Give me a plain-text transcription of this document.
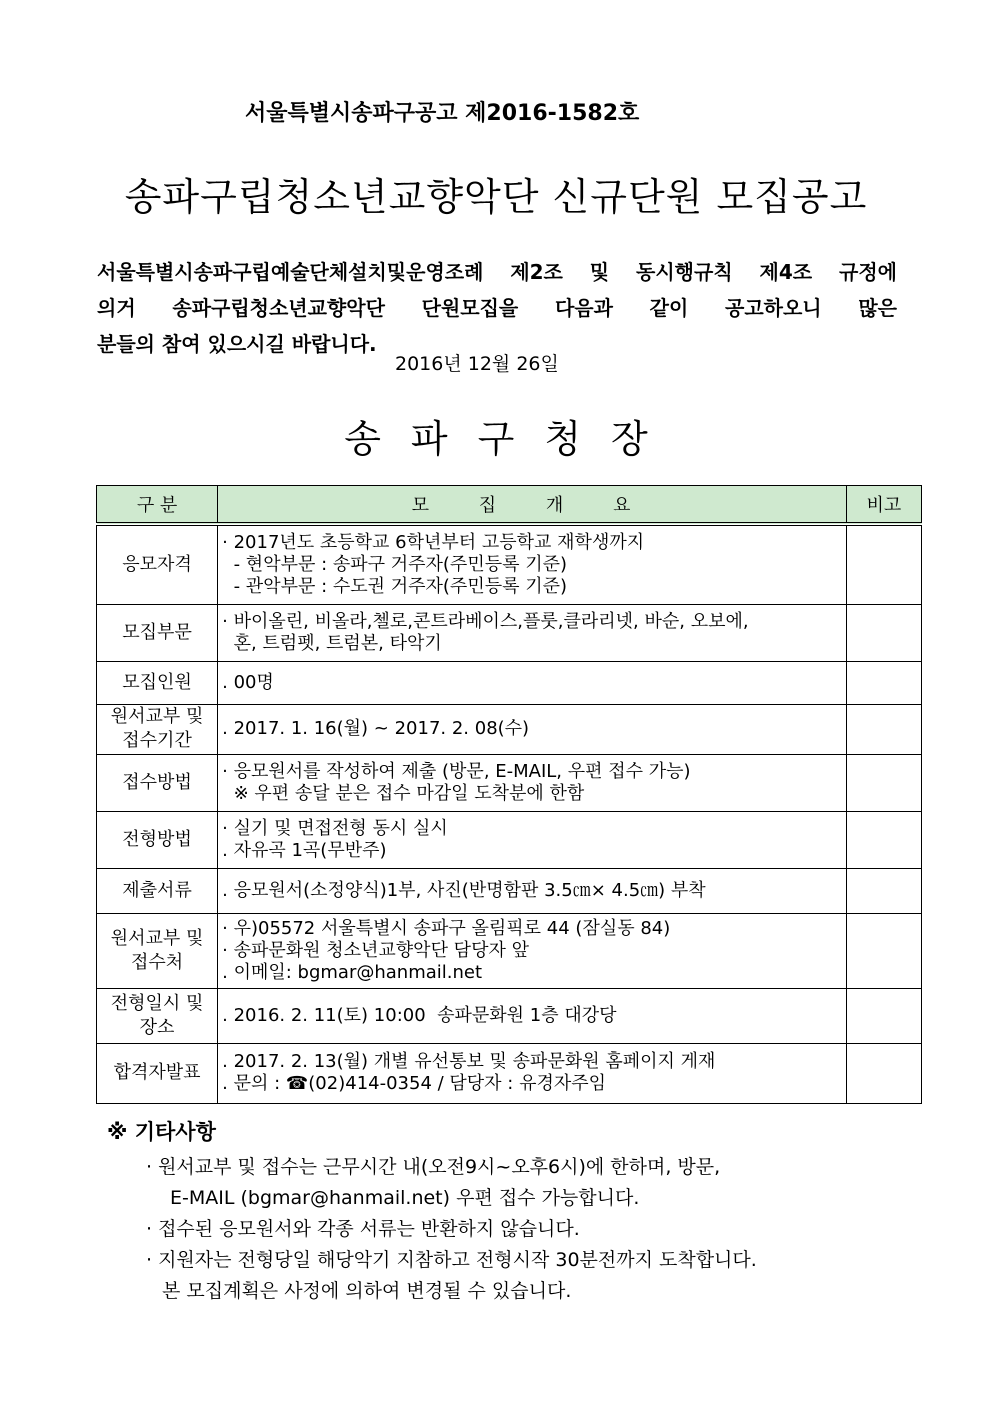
서울특별시송파구공고 제2016-1582호
송파구립청소년교향악단 신규단원 모집공고
서울특별시송파구립예술단체설치및운영조례 제2조 및 동시행규칙 제4조 규정에
의거 송파구립청소년교향악단 단원모집을 다음과 같이 공고하오니 많은
분들의 참여 있으시길 바랍니다.
2016년 12월 26일
송파구청장
구 분	모 집 개 요	비고
응모자격	· 2017년도 초등학교 6학년부터 고등학교 재학생까지
- 현악부문 : 송파구 거주자(주민등록 기준)
- 관악부문 : 수도권 거주자(주민등록 기준)	

모집부문	· 바이올린, 비올라,첼로,콘트라베이스,플룻,클라리넷, 바순, 오보에,
혼, 트럼펫, 트럼본, 타악기	

모집인원	. 00명	

원서교부 및 접수기간	. 2017. 1. 16(월) ~ 2017. 2. 08(수)	

접수방법	· 응모원서를 작성하여 제출 (방문, E-MAIL, 우편 접수 가능)
※ 우편 송달 분은 접수 마감일 도착분에 한함	

전형방법	· 실기 및 면접전형 동시 실시
. 자유곡 1곡(무반주)	

제출서류	. 응모원서(소정양식)1부, 사진(반명함판 3.5㎝× 4.5㎝) 부착	

원서교부 및 접수처	· 우)05572 서울특별시 송파구 올림픽로 44 (잠실동 84)
· 송파문화원 청소년교향악단 담당자 앞
. 이메일: bgmar@hanmail.net	

전형일시 및 장소	. 2016. 2. 11(토) 10:00  송파문화원 1층 대강당	

합격자발표	. 2017. 2. 13(월) 개별 유선통보 및 송파문화원 홈페이지 게재
. 문의 : ☎(02)414-0354 / 담당자 : 유경자주임	

※ 기타사항
· 원서교부 및 접수는 근무시간 내(오전9시~오후6시)에 한하며, 방문,
E-MAIL (bgmar@hanmail.net) 우편 접수 가능합니다.
· 접수된 응모원서와 각종 서류는 반환하지 않습니다.
· 지원자는 전형당일 해당악기 지참하고 전형시작 30분전까지 도착합니다.
본 모집계획은 사정에 의하여 변경될 수 있습니다.
